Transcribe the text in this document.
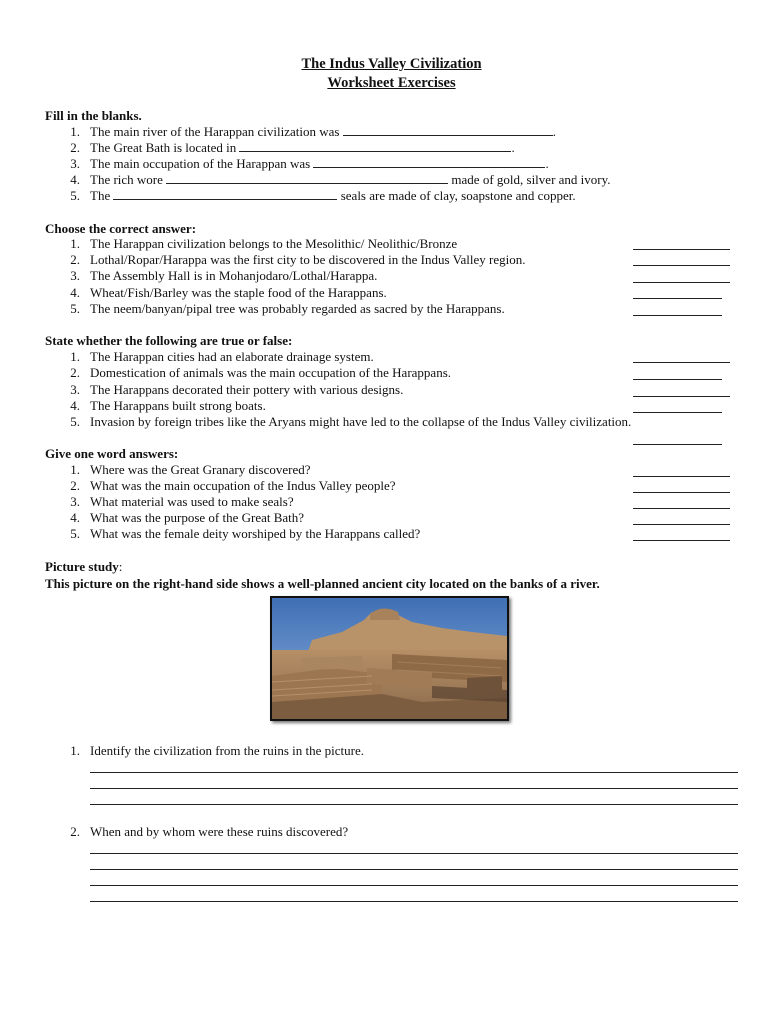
The Indus Valley Civilization
Worksheet Exercises
Fill in the blanks.
1. The main river of the Harappan civilization was	.
2. The Great Bath is located in	.
3. The main occupation of the Harappan was	.
4. The rich wore	made of gold, silver and ivory.
5. The	seals are made of clay, soapstone and copper.
Choose the correct answer:
1. The Harappan civilization belongs to the Mesolithic/ Neolithic/Bronze
2. Lothal/Ropar/Harappa was the first city to be discovered in the Indus Valley region.
3. The Assembly Hall is in Mohanjodaro/Lothal/Harappa.
4. Wheat/Fish/Barley was the staple food of the Harappans.
5. The neem/banyan/pipal tree was probably regarded as sacred by the Harappans.
State whether the following are true or false:
1. The Harappan cities had an elaborate drainage system.
2. Domestication of animals was the main occupation of the Harappans.
3. The Harappans decorated their pottery with various designs.
4. The Harappans built strong boats.
5. Invasion by foreign tribes like the Aryans might have led to the collapse of the Indus Valley civilization.
Give one word answers:
1. Where was the Great Granary discovered?
2. What was the main occupation of the Indus Valley people?
3. What material was used to make seals?
4. What was the purpose of the Great Bath?
5. What was the female deity worshiped by the Harappans called?
Picture study:
This picture on the right-hand side shows a well-planned ancient city located on the banks of a river.
1. Identify the civilization from the ruins in the picture.
2. When and by whom were these ruins discovered?
